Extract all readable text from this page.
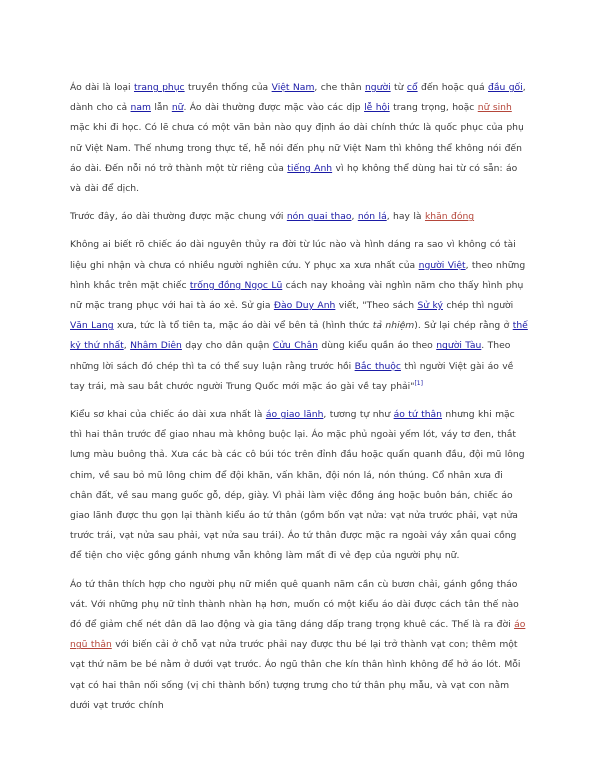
Áo dài là loại trang phục truyền thống của Việt Nam, che thân người từ cổ đến hoặc quá đầu gối, dành cho cả nam lẫn nữ. Áo dài thường được mặc vào các dịp lễ hội trang trọng, hoặc nữ sinh mặc khi đi học. Có lẽ chưa có một văn bản nào quy định áo dài chính thức là quốc phục của phụ nữ Việt Nam. Thế nhưng trong thực tế, hễ nói đến phụ nữ Việt Nam thì không thể không nói đến áo dài. Đến nỗi nó trở thành một từ riêng của tiếng Anh vì họ không thể dùng hai từ có sẵn: áo và dài để dịch.

Trước đây, áo dài thường được mặc chung với nón quai thao, nón lá, hay là khăn đóng

Không ai biết rõ chiếc áo dài nguyên thủy ra đời từ lúc nào và hình dáng ra sao vì không có tài liệu ghi nhận và chưa có nhiều người nghiên cứu. Y phục xa xưa nhất của người Việt, theo những hình khắc trên mặt chiếc trống đồng Ngọc Lũ cách nay khoảng vài nghìn năm cho thấy hình phụ nữ mặc trang phục với hai tà áo xẻ. Sử gia Đào Duy Anh viết, "Theo sách Sử ký chép thì người Văn Lang xưa, tức là tổ tiên ta, mặc áo dài vể bên tả (hình thức tả nhiệm). Sử lại chép rằng ở thế kỷ thứ nhất, Nhâm Diên dạy cho dân quận Cửu Chân dùng kiểu quần áo theo người Tàu. Theo những lời sách đó chép thì ta có thể suy luận rằng trước hồi Bắc thuộc thì người Việt gài áo về tay trái, mà sau bắt chước người Trung Quốc mới mặc áo gài về tay phải"[1]

Kiểu sơ khai của chiếc áo dài xưa nhất là áo giao lãnh, tương tự như áo tứ thân nhưng khi mặc thì hai thân trước để giao nhau mà không buộc lại. Áo mặc phủ ngoài yếm lót, váy tơ đen, thắt lưng màu buông thả. Xưa các bà các cô búi tóc trên đỉnh đầu hoặc quấn quanh đầu, đội mũ lông chim, về sau bỏ mũ lông chim để đội khăn, vấn khăn, đội nón lá, nón thúng. Cổ nhân xưa đi chân đất, về sau mang guốc gỗ, dép, giày. Vì phải làm việc đồng áng hoặc buôn bán, chiếc áo giao lãnh được thu gọn lại thành kiểu áo tứ thân (gồm bốn vạt nửa: vạt nửa trước phải, vạt nửa trước trái, vạt nửa sau phải, vạt nửa sau trái). Áo tứ thân được mặc ra ngoài váy xắn quai cồng để tiện cho việc gồng gánh nhưng vẫn không làm mất đi vẻ đẹp của người phụ nữ.

Áo tứ thân thích hợp cho người phụ nữ miền quê quanh năm cần cù bươn chải, gánh gồng tháo vát. Với những phụ nữ tỉnh thành nhàn hạ hơn, muốn có một kiểu áo dài được cách tân thế nào đó để giảm chế nét dân dã lao động và gia tăng dáng dấp trang trọng khuê các. Thế là ra đời áo ngũ thân với biến cải ở chỗ vạt nửa trước phải nay được thu bé lại trở thành vạt con; thêm một vạt thứ năm be bé nằm ở dưới vạt trước. Áo ngũ thân che kín thân hình không để hở áo lót. Mỗi vạt có hai thân nối sống (vị chi thành bốn) tượng trưng cho tứ thân phụ mẫu, và vạt con nằm dưới vạt trước chính
